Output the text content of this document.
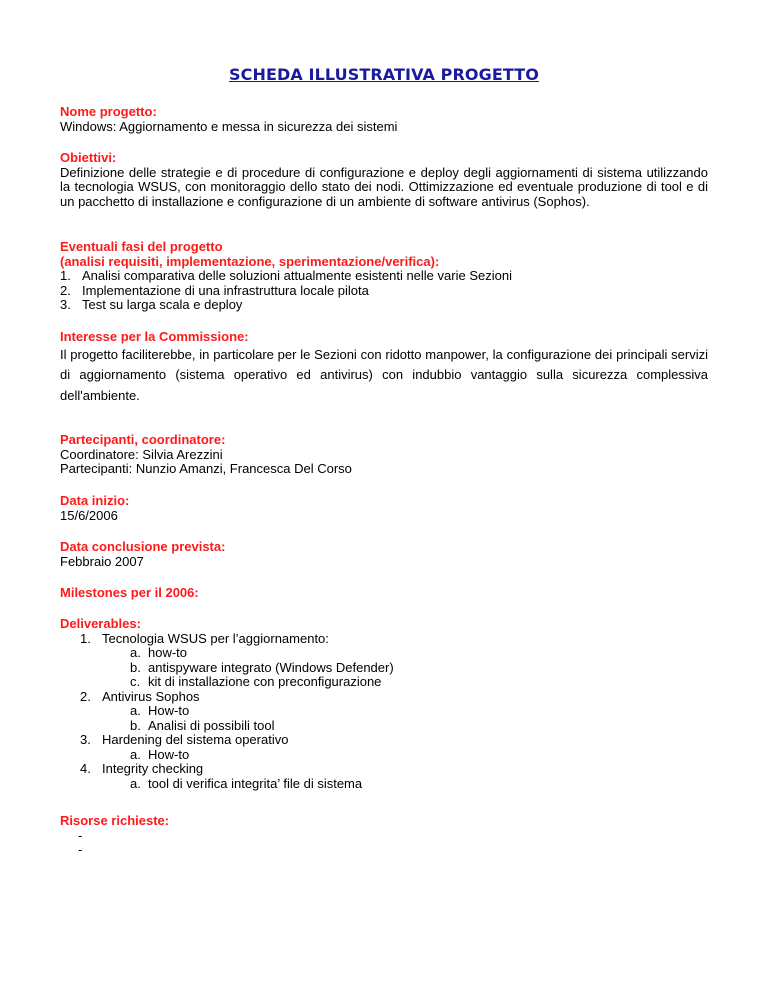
SCHEDA ILLUSTRATIVA PROGETTO
Nome progetto:
Windows: Aggiornamento e messa in sicurezza dei sistemi
Obiettivi:
Definizione delle strategie e di procedure di configurazione e deploy degli aggiornamenti di sistema utilizzando la tecnologia WSUS, con monitoraggio dello stato dei nodi. Ottimizzazione ed eventuale produzione di tool e di un pacchetto di installazione e configurazione di un ambiente di software antivirus (Sophos).
Eventuali fasi del progetto
(analisi requisiti, implementazione, sperimentazione/verifica):
1. Analisi comparativa delle soluzioni attualmente esistenti nelle varie Sezioni
2. Implementazione di una infrastruttura locale pilota
3. Test su larga scala e deploy
Interesse per la Commissione:
Il progetto faciliterebbe, in particolare per le Sezioni con ridotto manpower, la configurazione dei principali servizi di aggiornamento (sistema operativo ed antivirus) con indubbio vantaggio sulla sicurezza complessiva dell'ambiente.
Partecipanti, coordinatore:
Coordinatore: Silvia Arezzini
Partecipanti: Nunzio Amanzi, Francesca Del Corso
Data inizio:
15/6/2006
Data conclusione prevista:
Febbraio 2007
Milestones per il 2006:
Deliverables:
1. Tecnologia WSUS per l’aggiornamento:
a. how-to
b. antispyware integrato (Windows Defender)
c. kit di installazione con preconfigurazione
2. Antivirus Sophos
a. How-to
b. Analisi di possibili tool
3. Hardening del sistema operativo
a. How-to
4. Integrity checking
a. tool di verifica integrita’ file di sistema
Risorse richieste:
-
-
